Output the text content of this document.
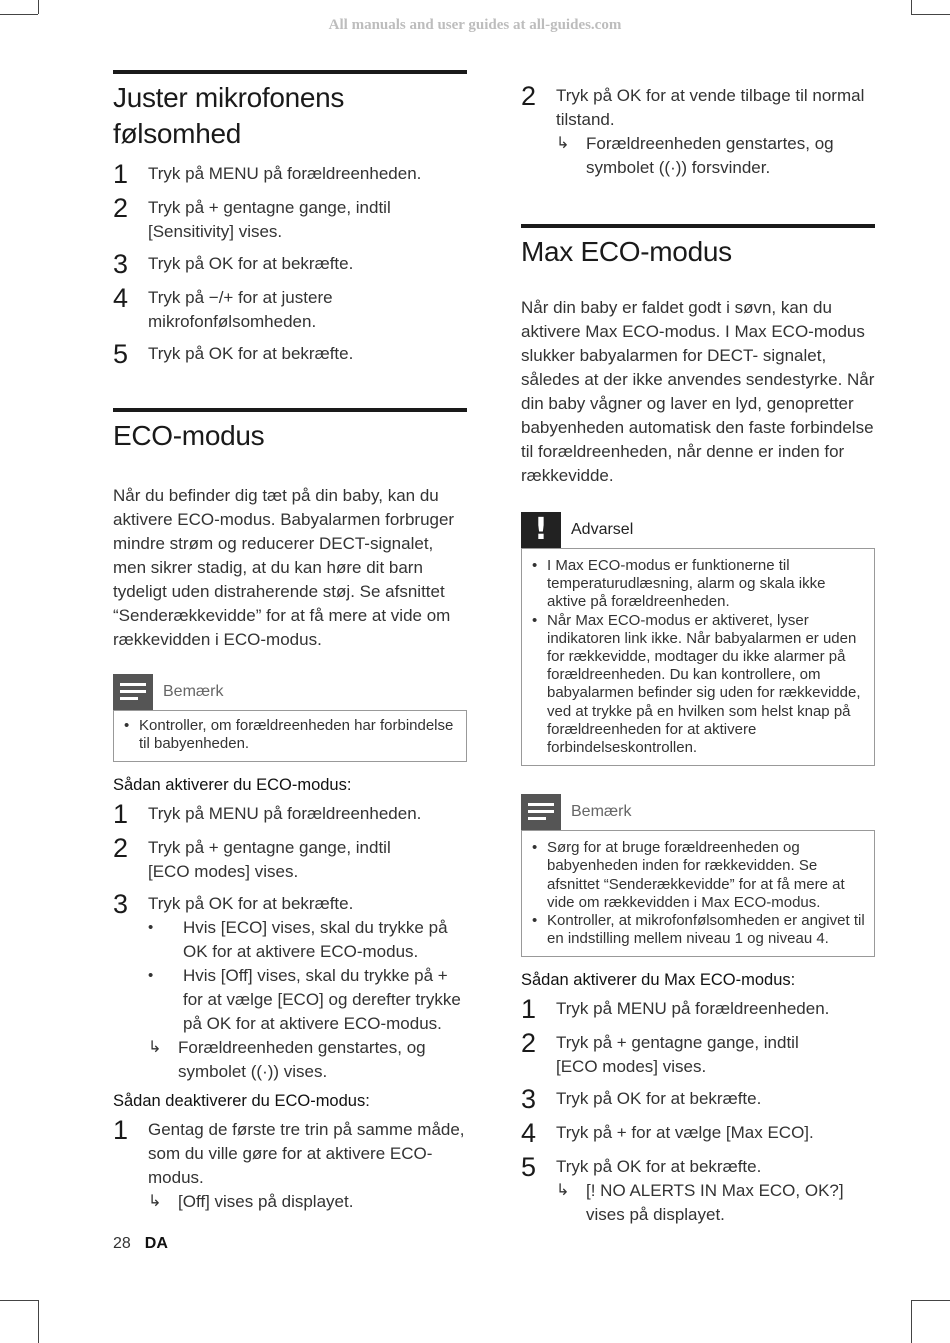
All manuals and user guides at all-guides.com
Juster mikrofonens følsomhed
1	Tryk på MENU på forældreenheden.
2	Tryk på + gentagne gange, indtil [Sensitivity] vises.
3	Tryk på OK for at bekræfte.
4	Tryk på −/+ for at justere mikrofonfølsomheden.
5	Tryk på OK for at bekræfte.
ECO-modus

Når du befinder dig tæt på din baby, kan du aktivere ECO-modus. Babyalarmen forbruger mindre strøm og reducerer DECT-signalet, men sikrer stadig, at du kan høre dit barn tydeligt uden distraherende støj. Se afsnittet “Senderækkevidde” for at få mere at vide om rækkevidden i ECO-modus.

Bemærk
• Kontroller, om forældreenheden har forbindelse til babyenheden.
Sådan aktiverer du ECO-modus:
1	Tryk på MENU på forældreenheden.
2	Tryk på + gentagne gange, indtil [ECO modes] vises.
3	Tryk på OK for at bekræfte.
•	Hvis [ECO] vises, skal du trykke på OK for at aktivere ECO-modus.
•	Hvis [Off] vises, skal du trykke på + for at vælge [ECO] og derefter trykke på OK for at aktivere ECO-modus.
↳ Forældreenheden genstartes, og symbolet ((·)) vises.
Sådan deaktiverer du ECO-modus:
1	Gentag de første tre trin på samme måde, som du ville gøre for at aktivere ECO-modus.
↳ [Off] vises på displayet.
2	Tryk på OK for at vende tilbage til normal tilstand.
↳ Forældreenheden genstartes, og symbolet ((·)) forsvinder.
Max ECO-modus

Når din baby er faldet godt i søvn, kan du aktivere Max ECO-modus. I Max ECO-modus slukker babyalarmen for DECT- signalet, således at der ikke anvendes sendestyrke. Når din baby vågner og laver en lyd, genopretter babyenheden automatisk den faste forbindelse til forældreenheden, når denne er inden for rækkevidde.

!	Advarsel
• I Max ECO-modus er funktionerne til temperaturudlæsning, alarm og skala ikke aktive på forældreenheden.
• Når Max ECO-modus er aktiveret, lyser indikatoren link ikke. Når babyalarmen er uden for rækkevidde, modtager du ikke alarmer på forældreenheden. Du kan kontrollere, om babyalarmen befinder sig uden for rækkevidde, ved at trykke på en hvilken som helst knap på forældreenheden for at aktivere forbindelseskontrollen.
Bemærk
• Sørg for at bruge forældreenheden og babyenheden inden for rækkevidden. Se afsnittet “Senderækkevidde” for at få mere at vide om rækkevidden i Max ECO-modus.
• Kontroller, at mikrofonfølsomheden er angivet til en indstilling mellem niveau 1 og niveau 4.
Sådan aktiverer du Max ECO-modus:
1	Tryk på MENU på forældreenheden.
2	Tryk på + gentagne gange, indtil [ECO modes] vises.
3	Tryk på OK for at bekræfte.
4	Tryk på + for at vælge [Max ECO].
5	Tryk på OK for at bekræfte.
↳ [! NO ALERTS IN Max ECO, OK?] vises på displayet.
28 DA
